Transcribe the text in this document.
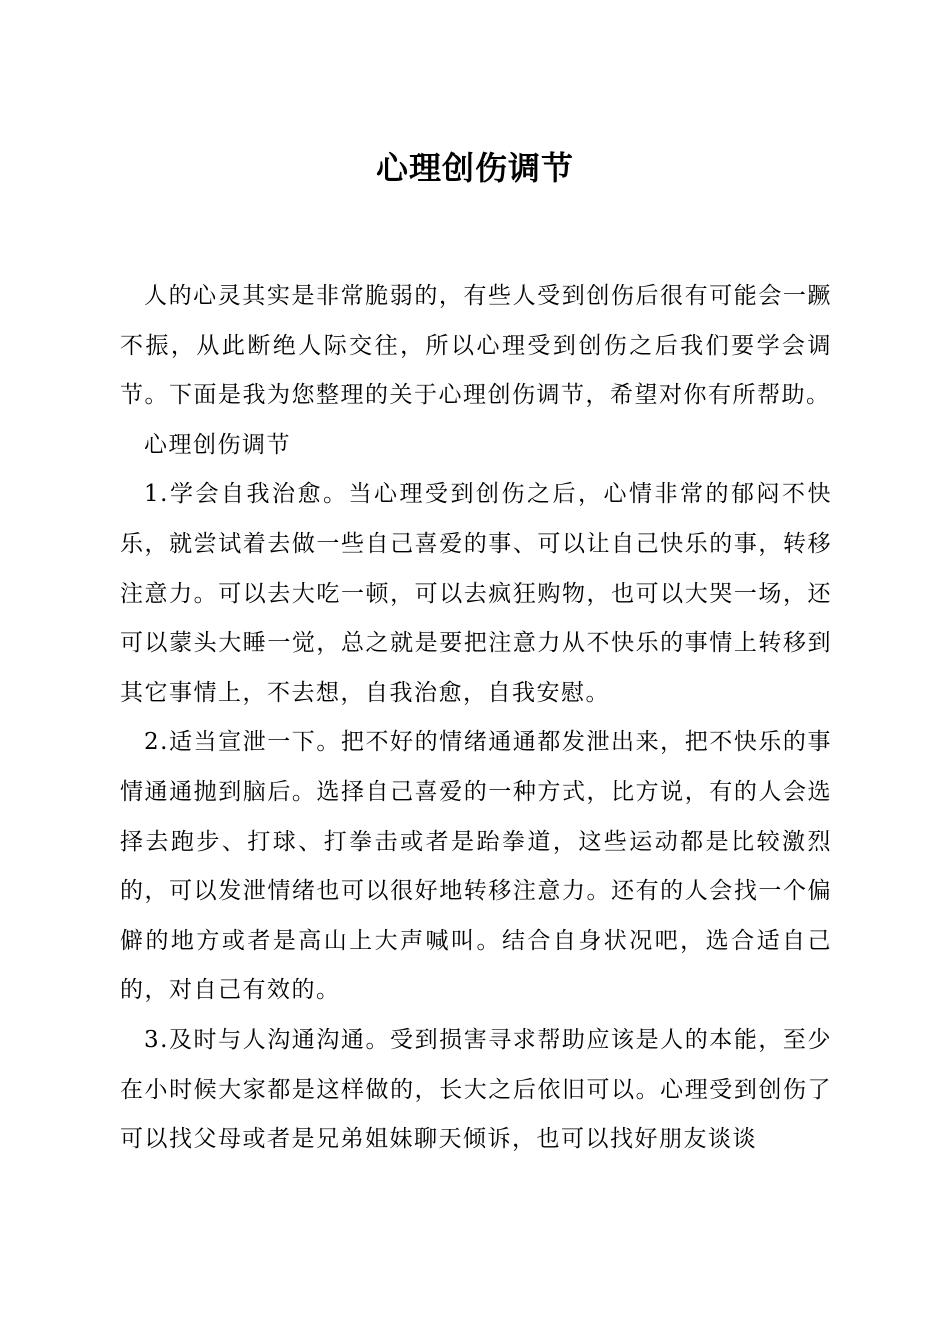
心理创伤调节

人的心灵其实是非常脆弱的，有些人受到创伤后很有可能会一蹶不振，从此断绝人际交往，所以心理受到创伤之后我们要学会调节。下面是我为您整理的关于心理创伤调节，希望对你有所帮助。

心理创伤调节

1.学会自我治愈。当心理受到创伤之后，心情非常的郁闷不快乐，就尝试着去做一些自己喜爱的事、可以让自己快乐的事，转移注意力。可以去大吃一顿，可以去疯狂购物，也可以大哭一场，还可以蒙头大睡一觉，总之就是要把注意力从不快乐的事情上转移到其它事情上，不去想，自我治愈，自我安慰。

2.适当宣泄一下。把不好的情绪通通都发泄出来，把不快乐的事情通通抛到脑后。选择自己喜爱的一种方式，比方说，有的人会选择去跑步、打球、打拳击或者是跆拳道，这些运动都是比较激烈的，可以发泄情绪也可以很好地转移注意力。还有的人会找一个偏僻的地方或者是高山上大声喊叫。结合自身状况吧，选合适自己的，对自己有效的。

3.及时与人沟通沟通。受到损害寻求帮助应该是人的本能，至少在小时候大家都是这样做的，长大之后依旧可以。心理受到创伤了可以找父母或者是兄弟姐妹聊天倾诉，也可以找好朋友谈谈
